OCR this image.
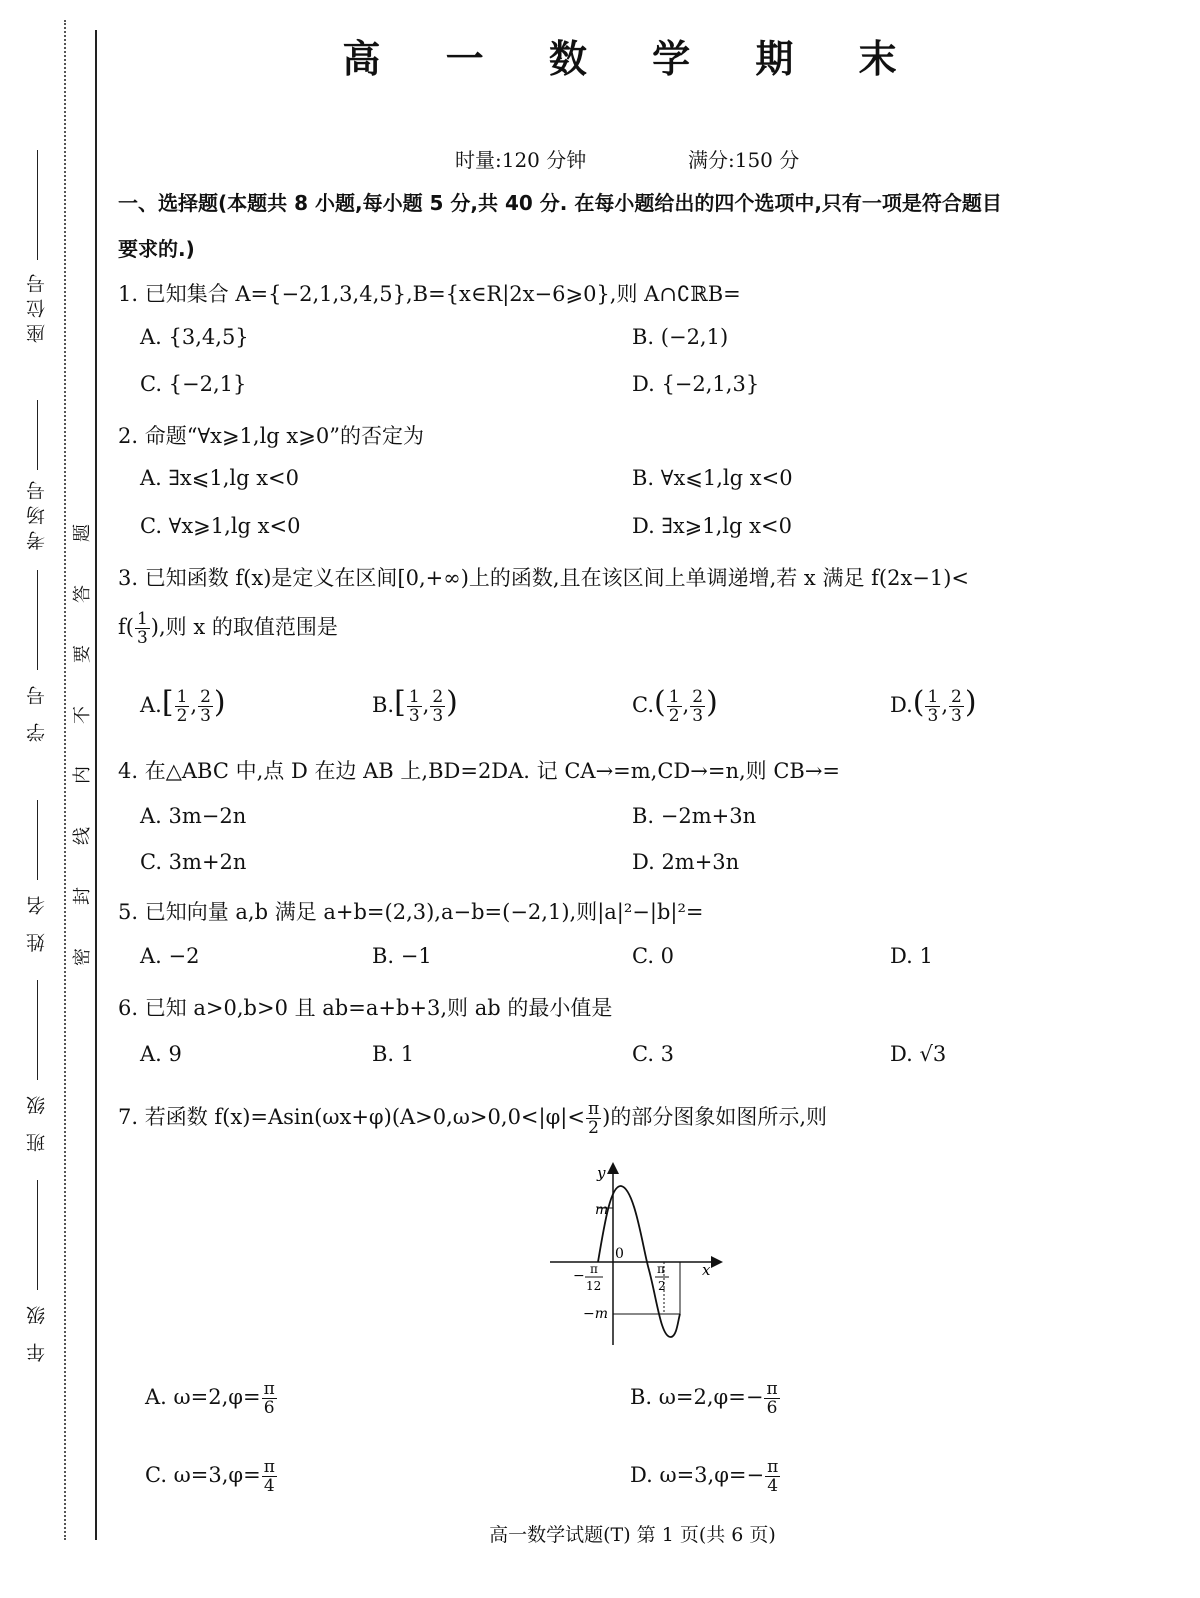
座位号
考场号
学 号
姓 名
班 级
年 级
题
答
要
不
内
线
封
密
高 一 数 学 期 末
时量:120 分钟	满分:150 分
一、选择题(本题共 8 小题,每小题 5 分,共 40 分. 在每小题给出的四个选项中,只有一项是符合题目
要求的.)
1. 已知集合 A={−2,1,3,4,5},B={x∈R|2x−6⩾0},则 A∩∁ℝB=
A. {3,4,5}	B. (−2,1)
C. {−2,1}	D. {−2,1,3}
2. 命题“∀x⩾1,lg x⩾0”的否定为
A. ∃x⩽1,lg x<0	B. ∀x⩽1,lg x<0
C. ∀x⩾1,lg x<0	D. ∃x⩾1,lg x<0
3. 已知函数 f(x)是定义在区间[0,+∞)上的函数,且在该区间上单调递增,若 x 满足 f(2x−1)<
$f( \frac{1}{3}$ ),则 x 的取值范围是
$A.[ \frac{1}{2}$ , $\frac{2}{3}$ )	$B.[ \frac{1}{3}$ , $\frac{2}{3}$ )	$C.( \frac{1}{2}$ , $\frac{2}{3}$ )	$D.( \frac{1}{3}$ , $\frac{2}{3}$ )
4. 在△ABC 中,点 D 在边 AB 上,BD=2DA. 记 CA→=m,CD→=n,则 CB→=
A. 3m−2n	B. −2m+3n
C. 3m+2n	D. 2m+3n
5. 已知向量 a,b 满足 a+b=(2,3),a−b=(−2,1),则|a|²−|b|²=
A. −2	B. −1	C. 0	D. 1
6. 已知 a>0,b>0 且 ab=a+b+3,则 ab 的最小值是
A. 9	B. 1	C. 3	D. √3
7. 若函数 $f(x)=Asin(\omega x+\varphi)(A>0,\omega>0,0<|\varphi|< \frac{\pi}{2}$ )的部分图象如图所示,则
y
x
0
m
−m
− π
12
π
2
A. $\omega=2,\varphi= \frac{\pi}{6}$	B. $\omega=2,\varphi=- \frac{\pi}{6}$
C. $\omega=3,\varphi= \frac{\pi}{4}$	D. $\omega=3,\varphi=- \frac{\pi}{4}$
高一数学试题(T) 第 1 页(共 6 页)
